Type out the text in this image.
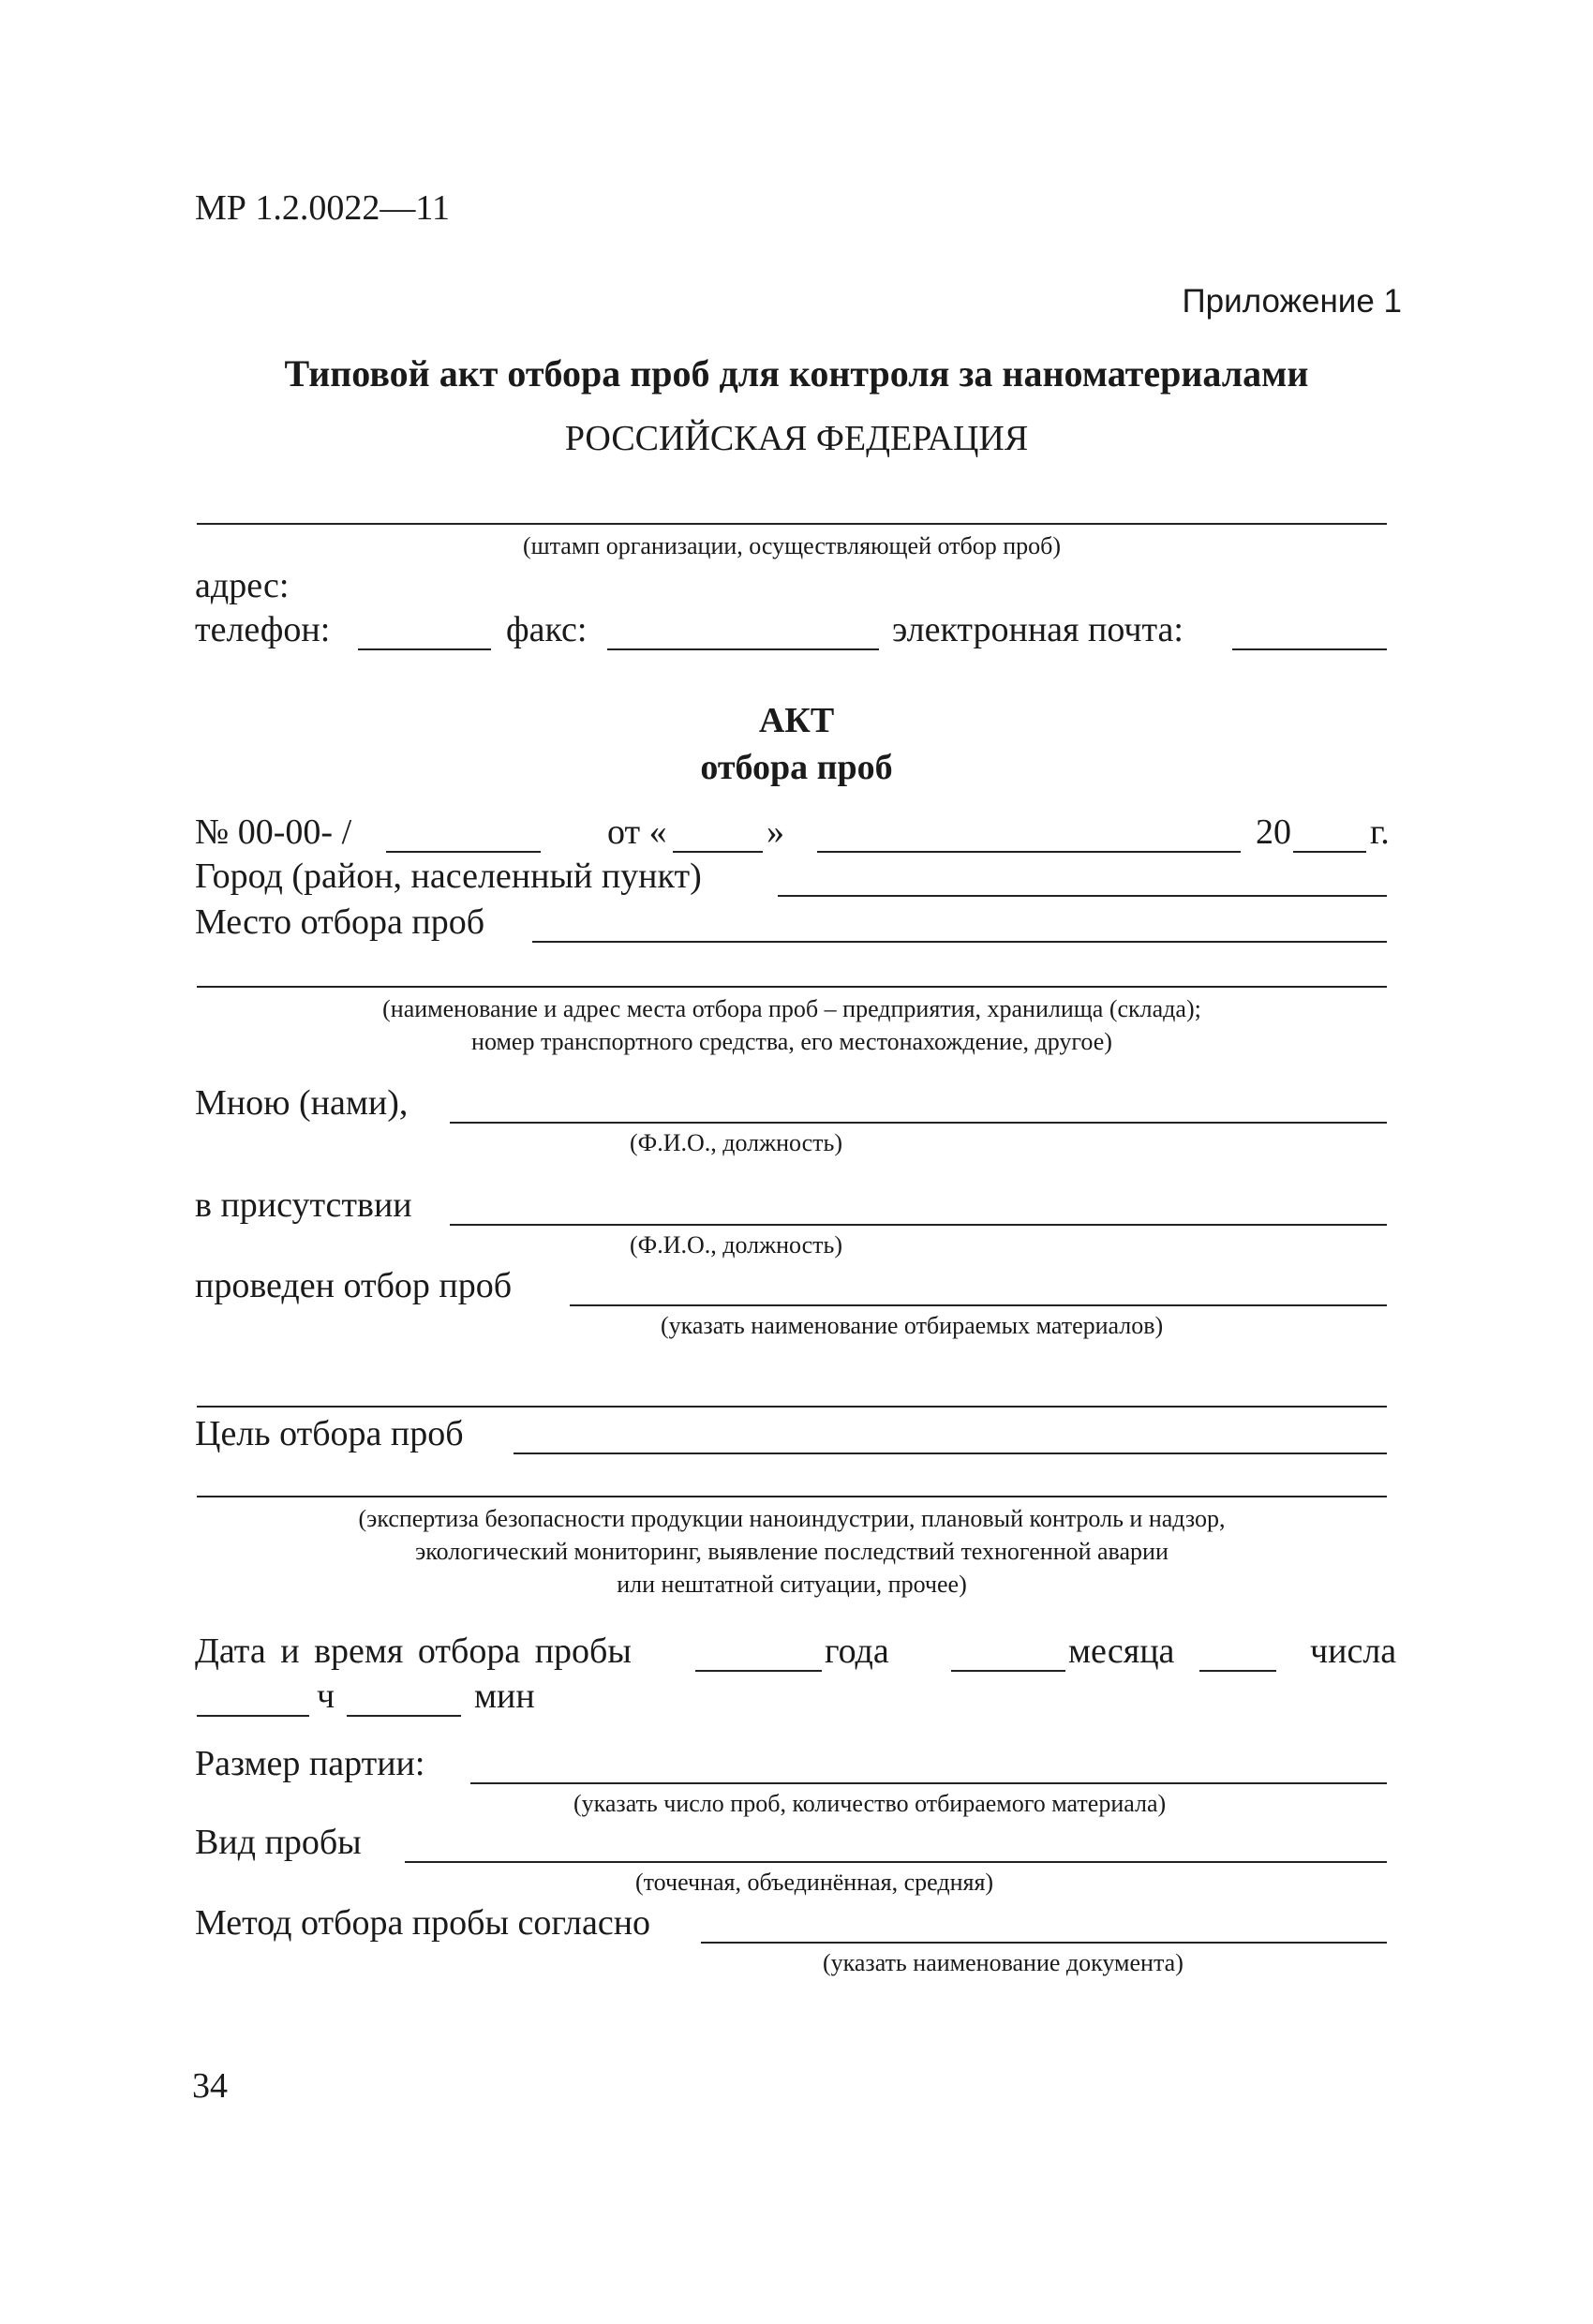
МР 1.2.0022—11
Приложение 1
Типовой акт отбора проб для контроля за наноматериалами
РОССИЙСКАЯ ФЕДЕРАЦИЯ
(штамп организации, осуществляющей отбор проб)
адрес:
телефон:	факс:	электронная почта:
АКТ
отбора проб
№ 00-00- /	от «	»	20 г.
Город (район, населенный пункт)
Место отбора проб
(наименование и адрес места отбора проб – предприятия, хранилища (склада);
номер транспортного средства, его местонахождение, другое)
Мною (нами),
(Ф.И.О., должность)
в присутствии
(Ф.И.О., должность)
проведен отбор проб
(указать наименование отбираемых материалов)
Цель отбора проб
(экспертиза безопасности продукции наноиндустрии, плановый контроль и надзор,
экологический мониторинг, выявление последствий техногенной аварии
или нештатной ситуации, прочее)
Дата и время отбора пробы	года	месяца	числа
ч	мин
Размер партии:
(указать число проб, количество отбираемого материала)
Вид пробы
(точечная, объединённая, средняя)
Метод отбора пробы согласно
(указать наименование документа)
34
